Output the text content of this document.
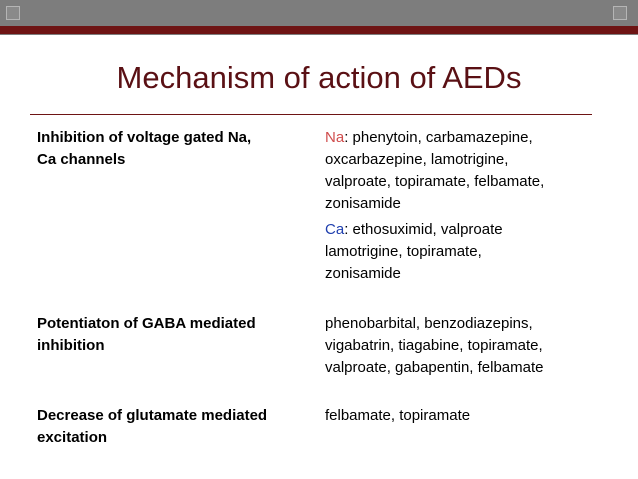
Mechanism of action of AEDs
Inhibition of voltage gated Na,
Ca channels
Na: phenytoin, carbamazepine,
oxcarbazepine, lamotrigine,
valproate, topiramate, felbamate,
zonisamide
Ca: ethosuximid, valproate
lamotrigine, topiramate,
zonisamide
Potentiaton of GABA mediated
inhibition
phenobarbital, benzodiazepins,
vigabatrin, tiagabine, topiramate,
valproate, gabapentin, felbamate
Decrease of glutamate mediated
excitation
felbamate, topiramate
